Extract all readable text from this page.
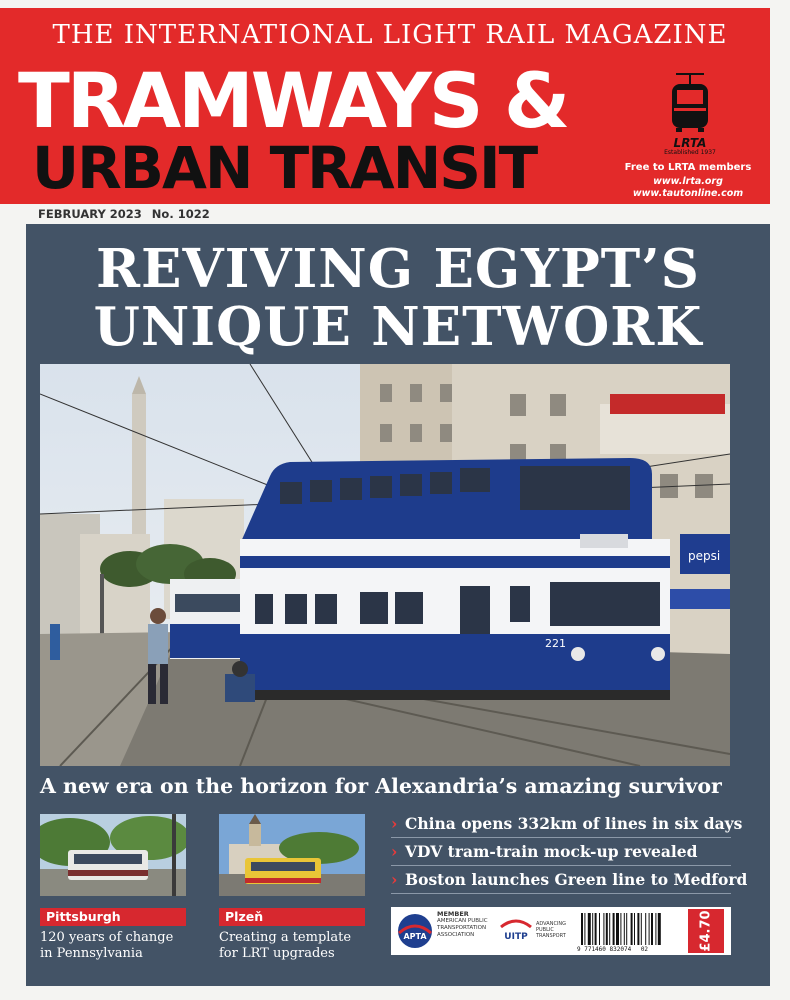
THE INTERNATIONAL LIGHT RAIL MAGAZINE
TRAMWAYS &
URBAN TRANSIT	LRTA
Established 1937
Free to LRTA members
www.lrta.org
www.tautonline.com
FEBRUARY 2023 No. 1022
REVIVING EGYPT’S
UNIQUE NETWORK
pepsi
221
A new era on the horizon for Alexandria’s amazing survivor
Pittsburgh	Plzeň
120 years of change
in Pennsylvania
Creating a template
for LRT upgrades
› China opens 332km of lines in six days
› VDV tram-train mock-up revealed
› Boston launches Green line to Medford
APTA
MEMBER
AMERICAN PUBLIC TRANSPORTATION ASSOCIATION	UITP
ADVANCING PUBLIC TRANSPORT
9 771460 832074 02	£4.70
